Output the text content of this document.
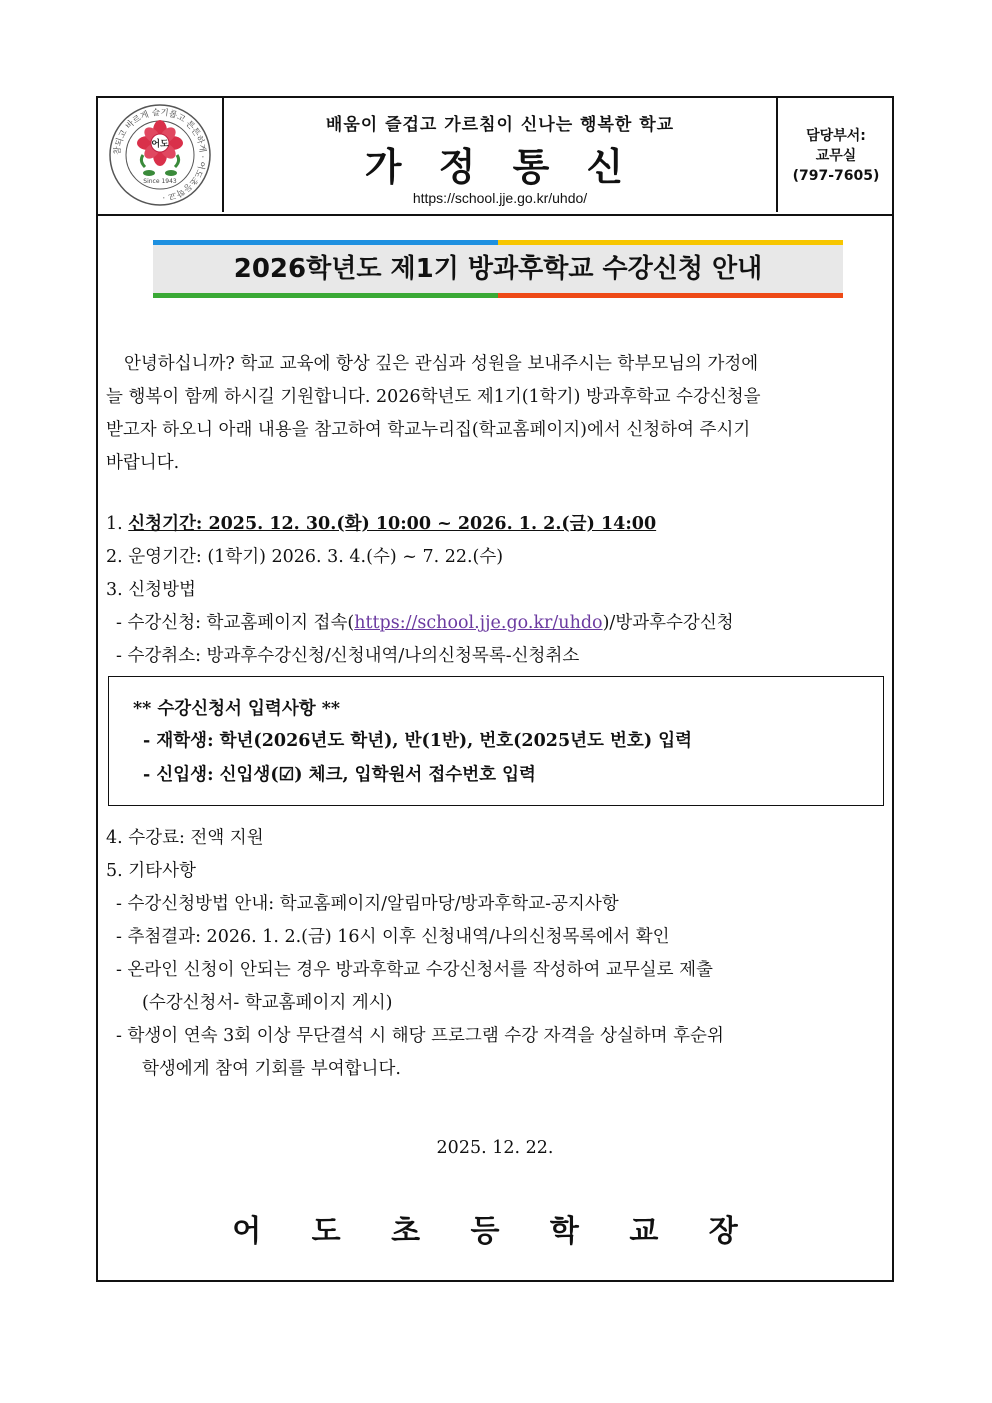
참되고 바르게 슬기롭고 튼튼하게 · 어도초등학교 ·
어도
Since 1943
배움이 즐겁고 가르침이 신나는 행복한 학교
가 정 통 신
https://school.jje.go.kr/uhdo/
담당부서:
교무실
(797-7605)
2026학년도 제1기 방과후학교 수강신청 안내
안녕하십니까? 학교 교육에 항상 깊은 관심과 성원을 보내주시는 학부모님의 가정에
늘 행복이 함께 하시길 기원합니다. 2026학년도 제1기(1학기) 방과후학교 수강신청을
받고자 하오니 아래 내용을 참고하여 학교누리집(학교홈페이지)에서 신청하여 주시기
바랍니다.
1. 신청기간: 2025. 12. 30.(화) 10:00 ~ 2026. 1. 2.(금) 14:00
2. 운영기간: (1학기) 2026. 3. 4.(수) ~ 7. 22.(수)
3. 신청방법
- 수강신청: 학교홈페이지 접속(https://school.jje.go.kr/uhdo)/방과후수강신청
- 수강취소: 방과후수강신청/신청내역/나의신청목록-신청취소
** 수강신청서 입력사항 **
- 재학생: 학년(2026년도 학년), 반(1반), 번호(2025년도 번호) 입력
- 신입생: 신입생(☑) 체크, 입학원서 접수번호 입력
4. 수강료: 전액 지원
5. 기타사항
- 수강신청방법 안내: 학교홈페이지/알림마당/방과후학교-공지사항
- 추첨결과: 2026. 1. 2.(금) 16시 이후 신청내역/나의신청목록에서 확인
- 온라인 신청이 안되는 경우 방과후학교 수강신청서를 작성하여 교무실로 제출
(수강신청서- 학교홈페이지 게시)
- 학생이 연속 3회 이상 무단결석 시 해당 프로그램 수강 자격을 상실하며 후순위
학생에게 참여 기회를 부여합니다.
2025. 12. 22.
어 도 초 등 학 교 장
